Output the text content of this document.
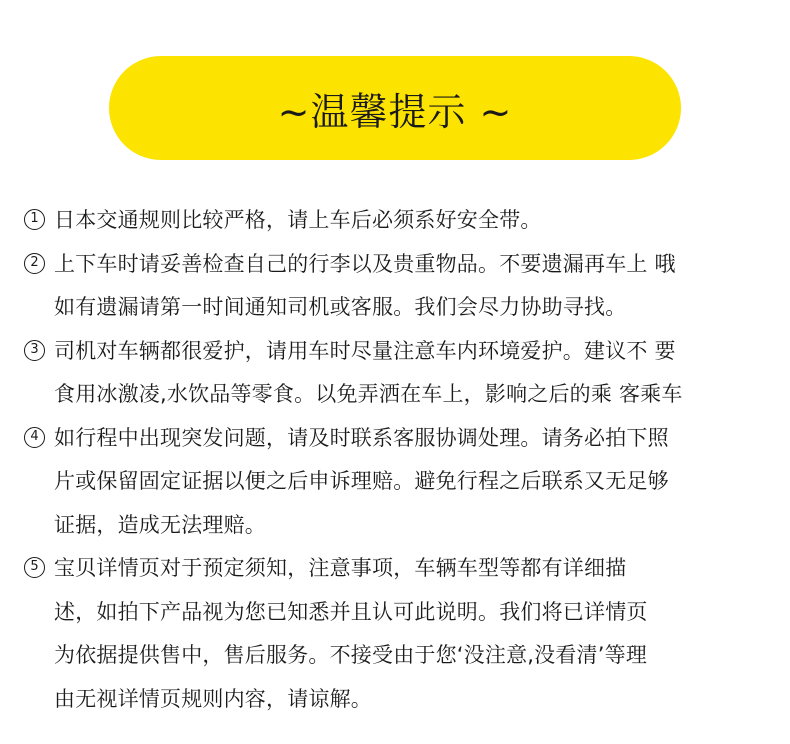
~温馨提示 ~
1 日本交通规则比较严格，请上车后必须系好安全带。
2 上下车时请妥善检查自己的行李以及贵重物品。不要遗漏再车上 哦
如有遗漏请第一时间通知司机或客服。我们会尽力协助寻找。
3 司机对车辆都很爱护，请用车时尽量注意车内环境爱护。建议不 要
食用冰激凌,水饮品等零食。以免弄洒在车上，影响之后的乘 客乘车
4 如行程中出现突发问题，请及时联系客服协调处理。请务必拍下照
片或保留固定证据以便之后申诉理赔。避免行程之后联系又无足够
证据，造成无法理赔。
5 宝贝详情页对于预定须知，注意事项，车辆车型等都有详细描
述，如拍下产品视为您已知悉并且认可此说明。我们将已详情页
为依据提供售中，售后服务。不接受由于您‘没注意,没看清’等理
由无视详情页规则内容，请谅解。
